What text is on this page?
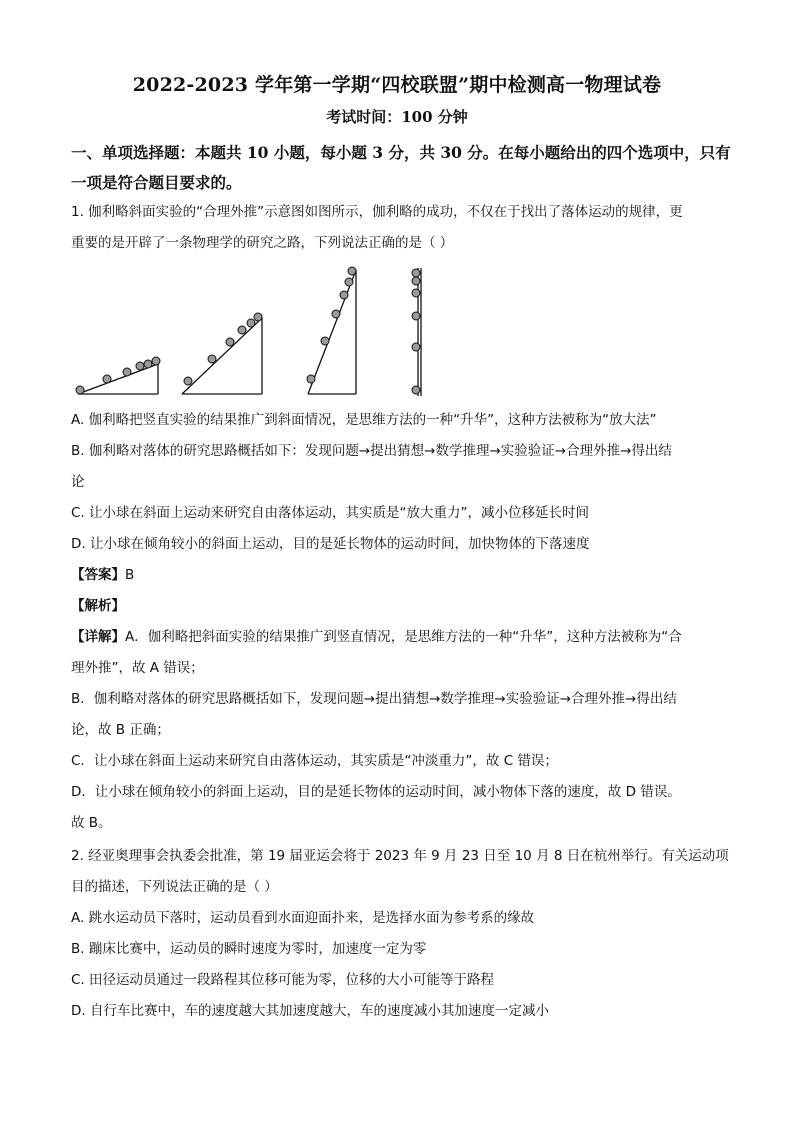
2022-2023 学年第一学期“四校联盟”期中检测高一物理试卷
考试时间：100 分钟
一、单项选择题：本题共 10 小题，每小题 3 分，共 30 分。在每小题给出的四个选项中，只有一项是符合题目要求的。
1. 伽利略斜面实验的“合理外推”示意图如图所示，伽利略的成功，不仅在于找出了落体运动的规律，更
重要的是开辟了一条物理学的研究之路，下列说法正确的是（ ）
A. 伽利略把竖直实验的结果推广到斜面情况，是思维方法的一种“升华”，这种方法被称为“放大法”
B. 伽利略对落体的研究思路概括如下：发现问题→提出猜想→数学推理→实验验证→合理外推→得出结
论
C. 让小球在斜面上运动来研究自由落体运动，其实质是“放大重力”，减小位移延长时间
D. 让小球在倾角较小的斜面上运动，目的是延长物体的运动时间，加快物体的下落速度
【答案】B
【解析】
【详解】A．伽利略把斜面实验的结果推广到竖直情况，是思维方法的一种“升华”，这种方法被称为“合
理外推”，故 A 错误；
B．伽利略对落体的研究思路概括如下，发现问题→提出猜想→数学推理→实验验证→合理外推→得出结
论，故 B 正确；
C．让小球在斜面上运动来研究自由落体运动，其实质是“冲淡重力”，故 C 错误；
D．让小球在倾角较小的斜面上运动，目的是延长物体的运动时间，减小物体下落的速度，故 D 错误。
故 B。
2. 经亚奥理事会执委会批准，第 19 届亚运会将于 2023 年 9 月 23 日至 10 月 8 日在杭州举行。有关运动项
目的描述，下列说法正确的是（ ）
A. 跳水运动员下落时，运动员看到水面迎面扑来，是选择水面为参考系的缘故
B. 蹦床比赛中，运动员的瞬时速度为零时，加速度一定为零
C. 田径运动员通过一段路程其位移可能为零，位移的大小可能等于路程
D. 自行车比赛中，车的速度越大其加速度越大，车的速度减小其加速度一定减小
